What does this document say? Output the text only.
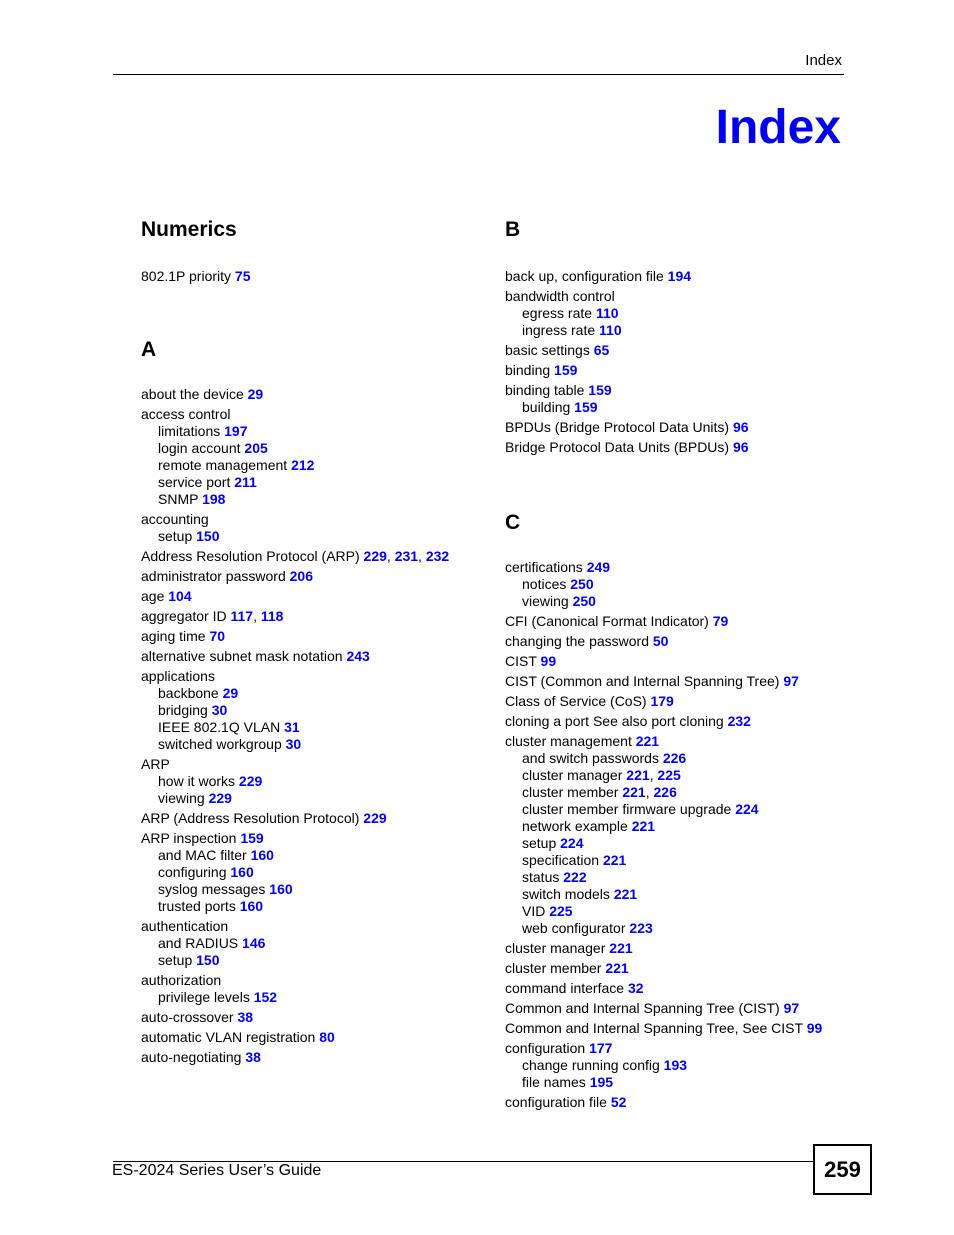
Index
Index
Numerics
802.1P priority 75
A
about the device 29
access control
limitations 197
login account 205
remote management 212
service port 211
SNMP 198
accounting
setup 150
Address Resolution Protocol (ARP) 229, 231, 232
administrator password 206
age 104
aggregator ID 117, 118
aging time 70
alternative subnet mask notation 243
applications
backbone 29
bridging 30
IEEE 802.1Q VLAN 31
switched workgroup 30
ARP
how it works 229
viewing 229
ARP (Address Resolution Protocol) 229
ARP inspection 159
and MAC filter 160
configuring 160
syslog messages 160
trusted ports 160
authentication
and RADIUS 146
setup 150
authorization
privilege levels 152
auto-crossover 38
automatic VLAN registration 80
auto-negotiating 38
B
back up, configuration file 194
bandwidth control
egress rate 110
ingress rate 110
basic settings 65
binding 159
binding table 159
building 159
BPDUs (Bridge Protocol Data Units) 96
Bridge Protocol Data Units (BPDUs) 96
C
certifications 249
notices 250
viewing 250
CFI (Canonical Format Indicator) 79
changing the password 50
CIST 99
CIST (Common and Internal Spanning Tree) 97
Class of Service (CoS) 179
cloning a port See also port cloning 232
cluster management 221
and switch passwords 226
cluster manager 221, 225
cluster member 221, 226
cluster member firmware upgrade 224
network example 221
setup 224
specification 221
status 222
switch models 221
VID 225
web configurator 223
cluster manager 221
cluster member 221
command interface 32
Common and Internal Spanning Tree (CIST) 97
Common and Internal Spanning Tree, See CIST 99
configuration 177
change running config 193
file names 195
configuration file 52
ES-2024 Series User’s Guide	259
